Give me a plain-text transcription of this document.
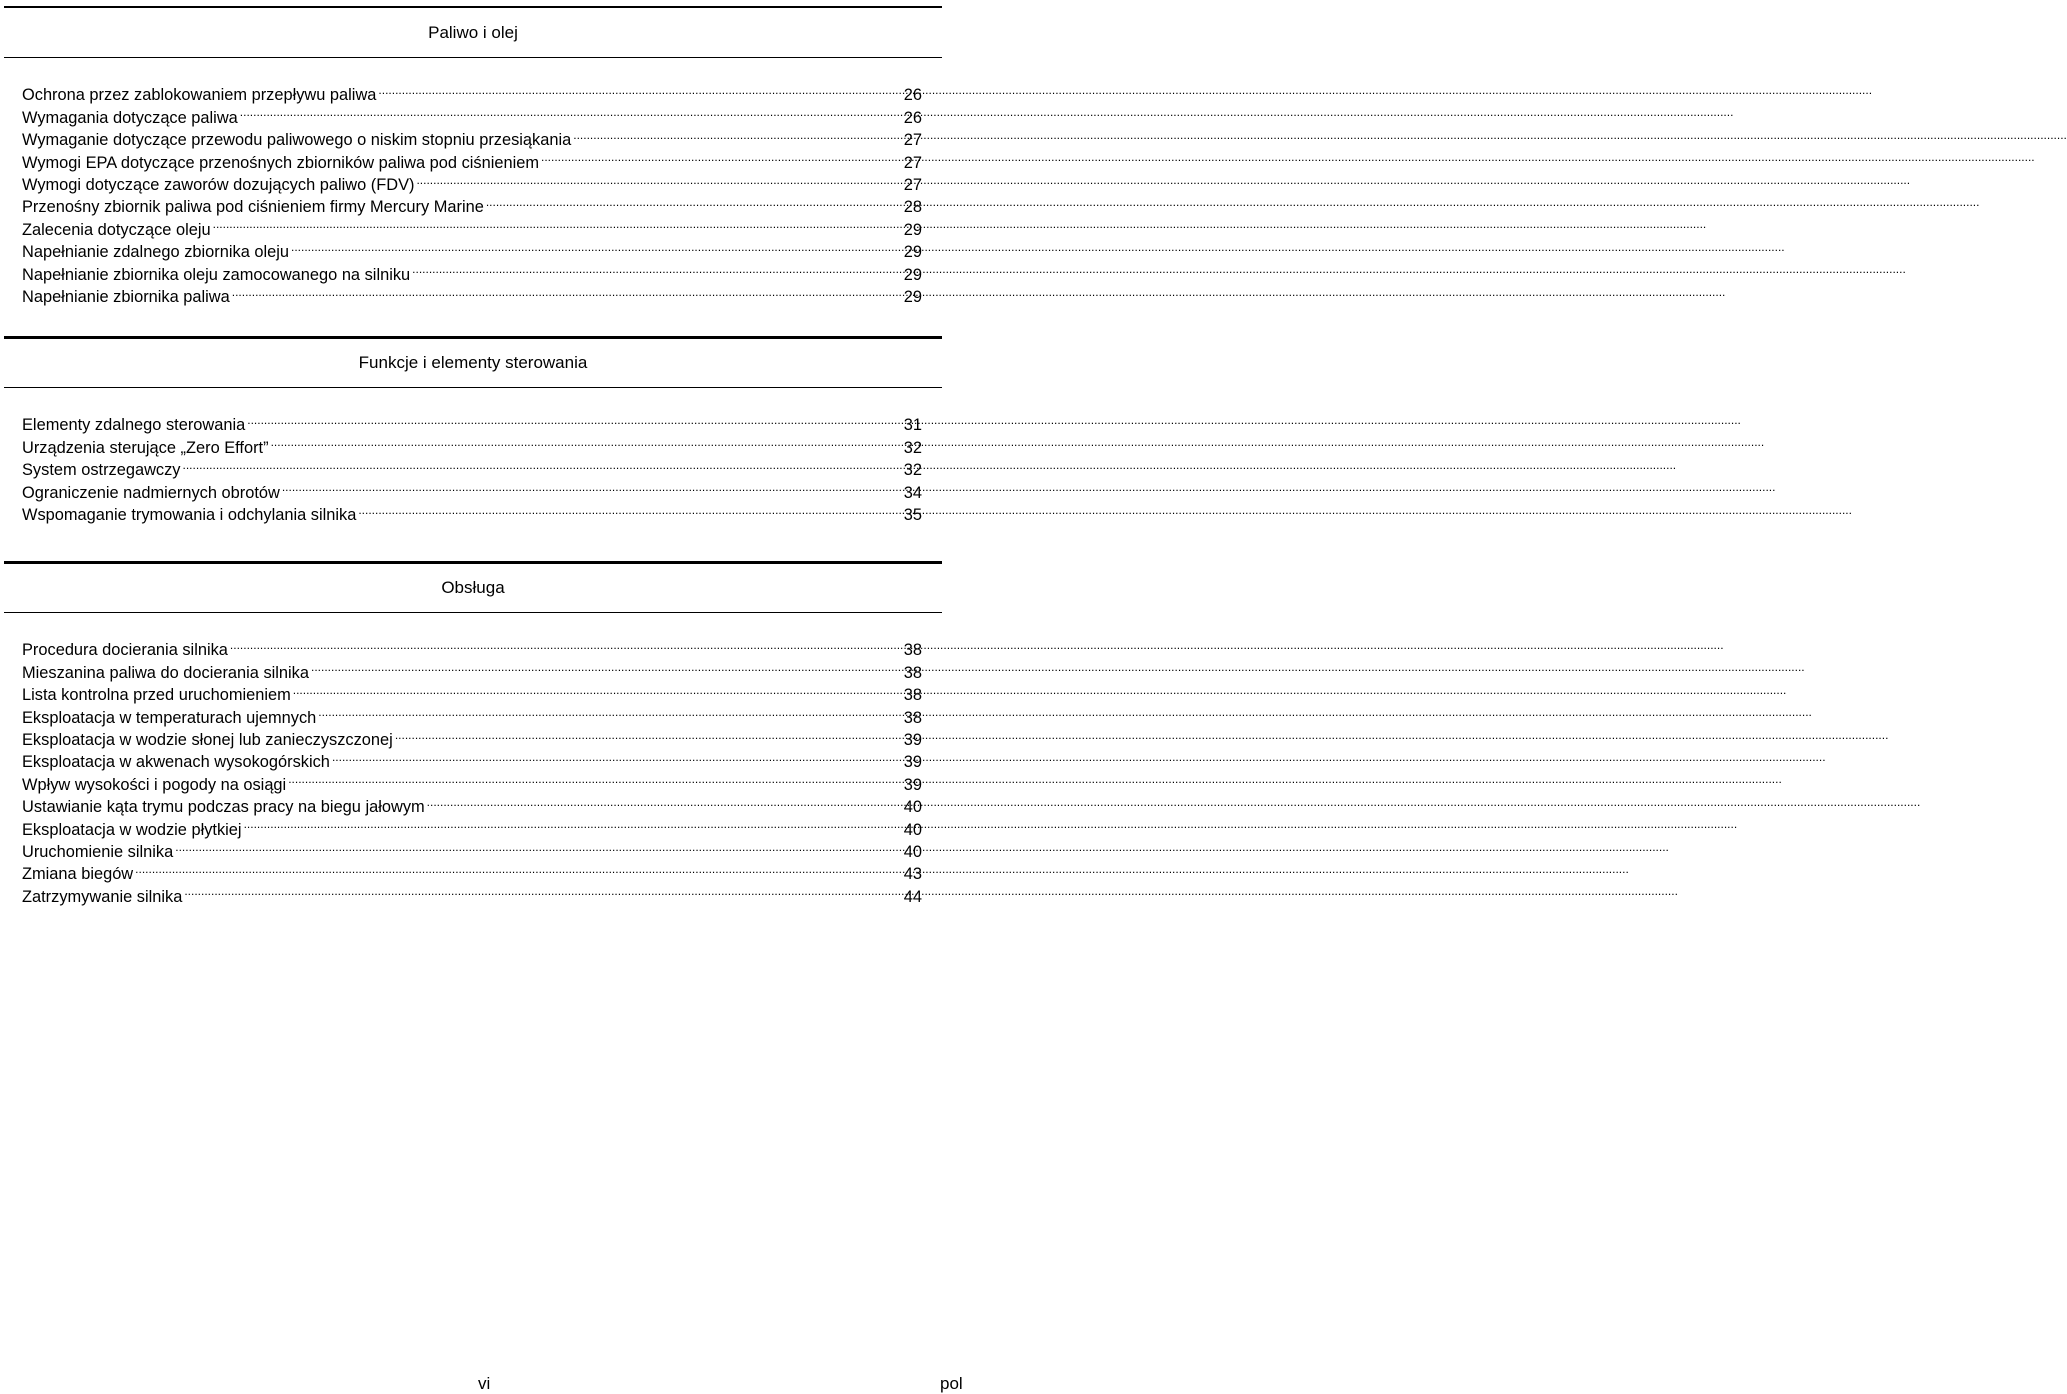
Paliwo i olej
Ochrona przez zablokowaniem przepływu paliwa .....	26
Wymagania dotyczące paliwa .....	26
Wymaganie dotyczące przewodu paliwowego o niskim stopniu przesiąkania .....	27
Wymogi EPA dotyczące przenośnych zbiorników paliwa pod ciśnieniem .....	27
Wymogi dotyczące zaworów dozujących paliwo (FDV) .....	27
Przenośny zbiornik paliwa pod ciśnieniem firmy Mercury Marine .....	28
Zalecenia dotyczące oleju .....	29
Napełnianie zdalnego zbiornika oleju .....	29
Napełnianie zbiornika oleju zamocowanego na silniku .....	29
Napełnianie zbiornika paliwa .....	29
Funkcje i elementy sterowania
Elementy zdalnego sterowania .....	31
Urządzenia sterujące „Zero Effort” .....	32
System ostrzegawczy .....	32
Ograniczenie nadmiernych obrotów .....	34
Wspomaganie trymowania i odchylania silnika .....	35
Obsługa
Procedura docierania silnika .....	38
Mieszanina paliwa do docierania silnika .....	38
Lista kontrolna przed uruchomieniem .....	38
Eksploatacja w temperaturach ujemnych .....	38
Eksploatacja w wodzie słonej lub zanieczyszczonej .....	39
Eksploatacja w akwenach wysokogórskich .....	39
Wpływ wysokości i pogody na osiągi .....	39
Ustawianie kąta trymu podczas pracy na biegu jałowym .....	40
Eksploatacja w wodzie płytkiej .....	40
Uruchomienie silnika .....	40
Zmiana biegów .....	43
Zatrzymywanie silnika .....	44
vi	pol
